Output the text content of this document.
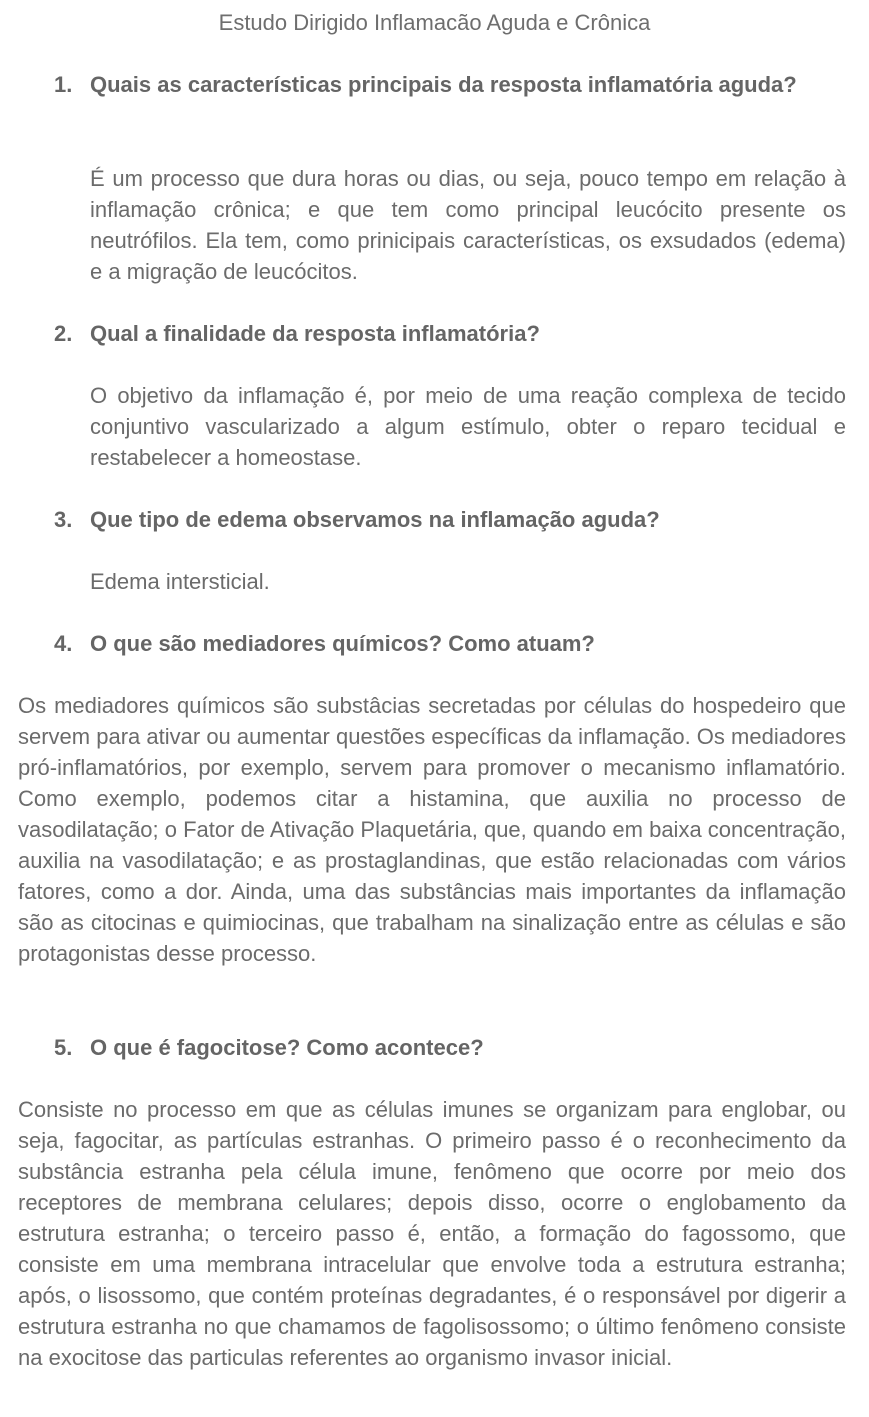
Estudo Dirigido Inflamacão Aguda e Crônica
1. Quais as características principais da resposta inflamatória aguda?
É um processo que dura horas ou dias, ou seja, pouco tempo em relação à inflamação crônica; e que tem como principal leucócito presente os neutrófilos. Ela tem, como prinicipais características, os exsudados (edema) e a migração de leucócitos.
2. Qual a finalidade da resposta inflamatória?
O objetivo da inflamação é, por meio de uma reação complexa de tecido conjuntivo vascularizado a algum estímulo, obter o reparo tecidual e restabelecer a homeostase.
3. Que tipo de edema observamos na inflamação aguda?
Edema intersticial.
4. O que são mediadores químicos? Como atuam?
Os mediadores químicos são substâcias secretadas por células do hospedeiro que servem para ativar ou aumentar questões específicas da inflamação. Os mediadores pró-inflamatórios, por exemplo, servem para promover o mecanismo inflamatório. Como exemplo, podemos citar a histamina, que auxilia no processo de vasodilatação; o Fator de Ativação Plaquetária, que, quando em baixa concentração, auxilia na vasodilatação; e as prostaglandinas, que estão relacionadas com vários fatores, como a dor. Ainda, uma das substâncias mais importantes da inflamação são as citocinas e quimiocinas, que trabalham na sinalização entre as células e são protagonistas desse processo.
5. O que é fagocitose? Como acontece?
Consiste no processo em que as células imunes se organizam para englobar, ou seja, fagocitar, as partículas estranhas. O primeiro passo é o reconhecimento da substância estranha pela célula imune, fenômeno que ocorre por meio dos receptores de membrana celulares; depois disso, ocorre o englobamento da estrutura estranha; o terceiro passo é, então, a formação do fagossomo, que consiste em uma membrana intracelular que envolve toda a estrutura estranha; após, o lisossomo, que contém proteínas degradantes, é o responsável por digerir a estrutura estranha no que chamamos de fagolisossomo; o último fenômeno consiste na exocitose das particulas referentes ao organismo invasor inicial.
